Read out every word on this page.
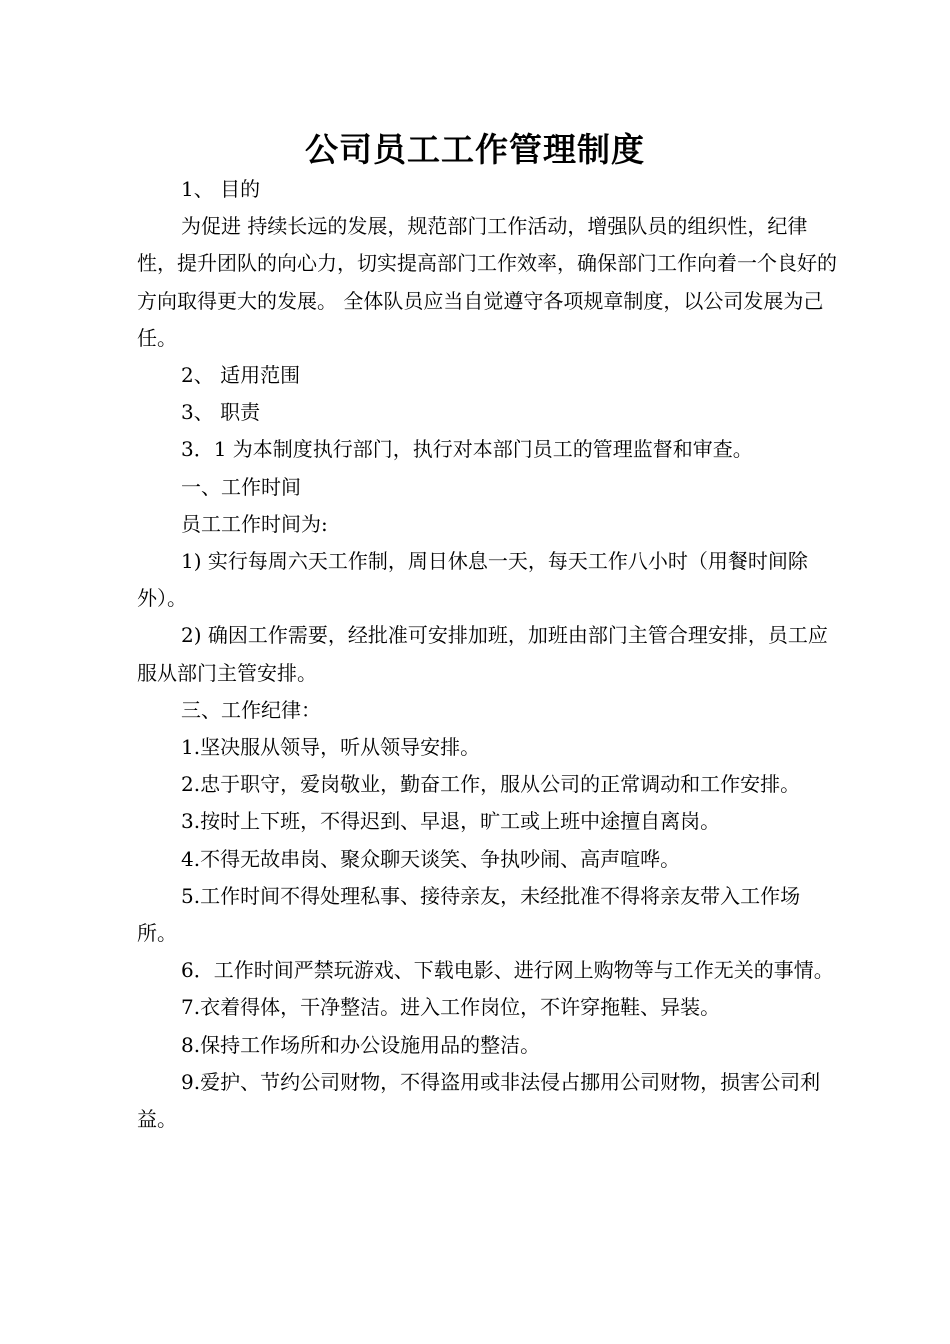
公司员工工作管理制度

1、 目的

为促进 持续长远的发展，规范部门工作活动，增强队员的组织性，纪律性，提升团队的向心力，切实提高部门工作效率，确保部门工作向着一个良好的方向取得更大的发展。 全体队员应当自觉遵守各项规章制度，以公司发展为己任。

2、 适用范围

3、 职责

3．1 为本制度执行部门，执行对本部门员工的管理监督和审查。

一、工作时间

员工工作时间为:

1) 实行每周六天工作制，周日休息一天，每天工作八小时（用餐时间除外）。

2) 确因工作需要，经批准可安排加班，加班由部门主管合理安排，员工应服从部门主管安排。

三、工作纪律：

1.坚决服从领导，听从领导安排。

2.忠于职守，爱岗敬业，勤奋工作，服从公司的正常调动和工作安排。

3.按时上下班，不得迟到、早退，旷工或上班中途擅自离岗。

4.不得无故串岗、聚众聊天谈笑、争执吵闹、高声喧哗。

5.工作时间不得处理私事、接待亲友，未经批准不得将亲友带入工作场所。

6．工作时间严禁玩游戏、下载电影、进行网上购物等与工作无关的事情。

7.衣着得体，干净整洁。进入工作岗位，不许穿拖鞋、异装。

8.保持工作场所和办公设施用品的整洁。

9.爱护、节约公司财物，不得盗用或非法侵占挪用公司财物，损害公司利益。
